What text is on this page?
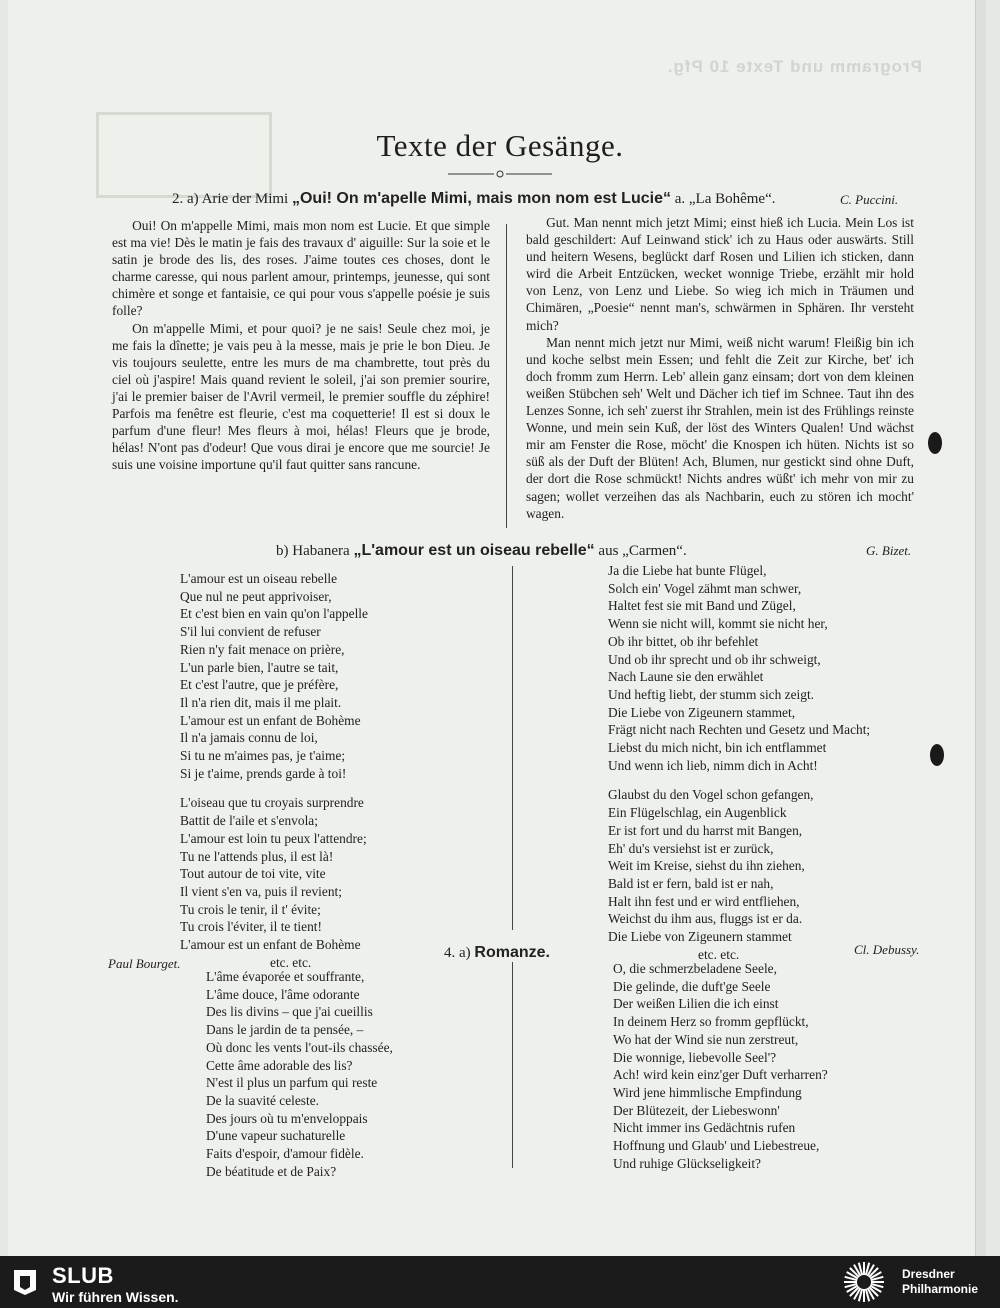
Programm und Texte 10 Pfg.
Texte der Gesänge.
2. a) Arie der Mimi „Oui! On m'apelle Mimi, mais mon nom est Lucie“ a. „La Bohême“.	C. Puccini.

Oui! On m'appelle Mimi, mais mon nom est Lucie. Et que simple est ma vie! Dès le matin je fais des travaux d' aiguille: Sur la soie et le satin je brode des lis, des roses. J'aime toutes ces choses, dont le charme caresse, qui nous parlent amour, printemps, jeunesse, qui sont chimère et songe et fantaisie, ce qui pour vous s'appelle poésie je suis folle?

On m'appelle Mimi, et pour quoi? je ne sais! Seule chez moi, je me fais la dînette; je vais peu à la messe, mais je prie le bon Dieu. Je vis toujours seulette, entre les murs de ma chambrette, tout près du ciel où j'aspire! Mais quand revient le soleil, j'ai son premier sourire, j'ai le premier baiser de l'Avril vermeil, le premier souffle du zéphire! Parfois ma fenêtre est fleurie, c'est ma coquetterie! Il est si doux le parfum d'une fleur! Mes fleurs à moi, hélas! Fleurs que je brode, hélas! N'ont pas d'odeur! Que vous dirai je encore que me sourcie! Je suis une voisine importune qu'il faut quitter sans rancune.

Gut. Man nennt mich jetzt Mimi; einst hieß ich Lucia. Mein Los ist bald geschildert: Auf Leinwand stick' ich zu Haus oder auswärts. Still und heitern Wesens, beglückt darf Rosen und Lilien ich sticken, dann wird die Arbeit Entzücken, wecket wonnige Triebe, erzählt mir hold von Lenz, von Lenz und Liebe. So wieg ich mich in Träumen und Chimären, „Poesie“ nennt man's, schwärmen in Sphären. Ihr versteht mich?

Man nennt mich jetzt nur Mimi, weiß nicht warum! Fleißig bin ich und koche selbst mein Essen; und fehlt die Zeit zur Kirche, bet' ich doch fromm zum Herrn. Leb' allein ganz einsam; dort von dem kleinen weißen Stübchen seh' Welt und Dächer ich tief im Schnee. Taut ihn des Lenzes Sonne, ich seh' zuerst ihr Strahlen, mein ist des Frühlings reinste Wonne, und mein sein Kuß, der löst des Winters Qualen! Und wächst mir am Fenster die Rose, möcht' die Knospen ich hüten. Nichts ist so süß als der Duft der Blüten! Ach, Blumen, nur gestickt sind ohne Duft, der dort die Rose schmückt! Nichts andres wüßt' ich mehr von mir zu sagen; wollet verzeihen das als Nachbarin, euch zu stören ich mocht' wagen.

b) Habanera „L'amour est un oiseau rebelle“ aus „Carmen“.	G. Bizet.
L'amour est un oiseau rebelle
Que nul ne peut apprivoiser,
Et c'est bien en vain qu'on l'appelle
S'il lui convient de refuser
Rien n'y fait menace on prière,
L'un parle bien, l'autre se tait,
Et c'est l'autre, que je préfère,
Il n'a rien dit, mais il me plait.
L'amour est un enfant de Bohème
Il n'a jamais connu de loi,
Si tu ne m'aimes pas, je t'aime;
Si je t'aime, prends garde à toi!
L'oiseau que tu croyais surprendre
Battit de l'aile et s'envola;
L'amour est loin tu peux l'attendre;
Tu ne l'attends plus, il est là!
Tout autour de toi vite, vite
Il vient s'en va, puis il revient;
Tu crois le tenir, il t' évite;
Tu crois l'éviter, il te tient!
L'amour est un enfant de Bohème
etc. etc.
Ja die Liebe hat bunte Flügel,
Solch ein' Vogel zähmt man schwer,
Haltet fest sie mit Band und Zügel,
Wenn sie nicht will, kommt sie nicht her,
Ob ihr bittet, ob ihr befehlet
Und ob ihr sprecht und ob ihr schweigt,
Nach Laune sie den erwählet
Und heftig liebt, der stumm sich zeigt.
Die Liebe von Zigeunern stammet,
Frägt nicht nach Rechten und Gesetz und Macht;
Liebst du mich nicht, bin ich entflammet
Und wenn ich lieb, nimm dich in Acht!
Glaubst du den Vogel schon gefangen,
Ein Flügelschlag, ein Augenblick
Er ist fort und du harrst mit Bangen,
Eh' du's versiehst ist er zurück,
Weit im Kreise, siehst du ihn ziehen,
Bald ist er fern, bald ist er nah,
Halt ihn fest und er wird entfliehen,
Weichst du ihm aus, fluggs ist er da.
Die Liebe von Zigeunern stammet
etc. etc.
Paul Bourget.
4. a) Romanze.	Cl. Debussy.
L'âme évaporée et souffrante,
L'âme douce, l'âme odorante
Des lis divins – que j'ai cueillis
Dans le jardin de ta pensée, –
Où donc les vents l'out-ils chassée,
Cette âme adorable des lis?
N'est il plus un parfum qui reste
De la suavité celeste.
Des jours où tu m'enveloppais
D'une vapeur suchaturelle
Faits d'espoir, d'amour fidèle.
De béatitude et de Paix?
O, die schmerzbeladene Seele,
Die gelinde, die duft'ge Seele
Der weißen Lilien die ich einst
In deinem Herz so fromm gepflückt,
Wo hat der Wind sie nun zerstreut,
Die wonnige, liebevolle Seel'?
Ach! wird kein einz'ger Duft verharren?
Wird jene himmlische Empfindung
Der Blütezeit, der Liebeswonn'
Nicht immer ins Gedächtnis rufen
Hoffnung und Glaub' und Liebestreue,
Und ruhige Glückseligkeit?
SLUB
Wir führen Wissen.
Dresdner
Philharmonie
